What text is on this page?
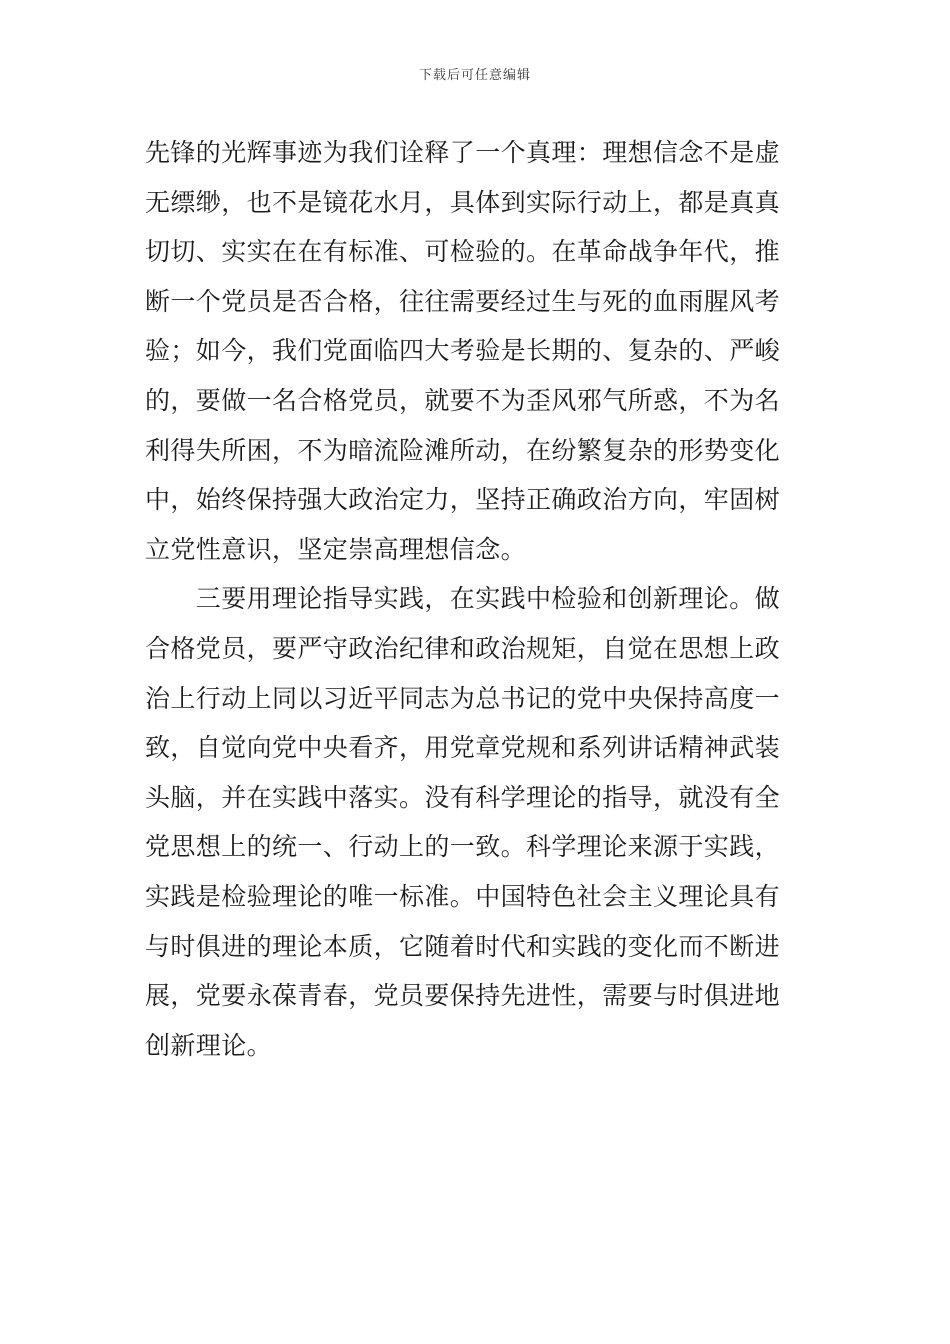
下载后可任意编辑
先锋的光辉事迹为我们诠释了一个真理：理想信念不是虚
无缥缈，也不是镜花水月，具体到实际行动上，都是真真
切切、实实在在有标准、可检验的。在革命战争年代，推
断一个党员是否合格，往往需要经过生与死的血雨腥风考
验；如今，我们党面临四大考验是长期的、复杂的、严峻
的，要做一名合格党员，就要不为歪风邪气所惑，不为名
利得失所困，不为暗流险滩所动，在纷繁复杂的形势变化
中，始终保持强大政治定力，坚持正确政治方向，牢固树
立党性意识，坚定崇高理想信念。
　　三要用理论指导实践，在实践中检验和创新理论。做
合格党员，要严守政治纪律和政治规矩，自觉在思想上政
治上行动上同以习近平同志为总书记的党中央保持高度一
致，自觉向党中央看齐，用党章党规和系列讲话精神武装
头脑，并在实践中落实。没有科学理论的指导，就没有全
党思想上的统一、行动上的一致。科学理论来源于实践，
实践是检验理论的唯一标准。中国特色社会主义理论具有
与时俱进的理论本质，它随着时代和实践的变化而不断进
展，党要永葆青春，党员要保持先进性，需要与时俱进地
创新理论。
